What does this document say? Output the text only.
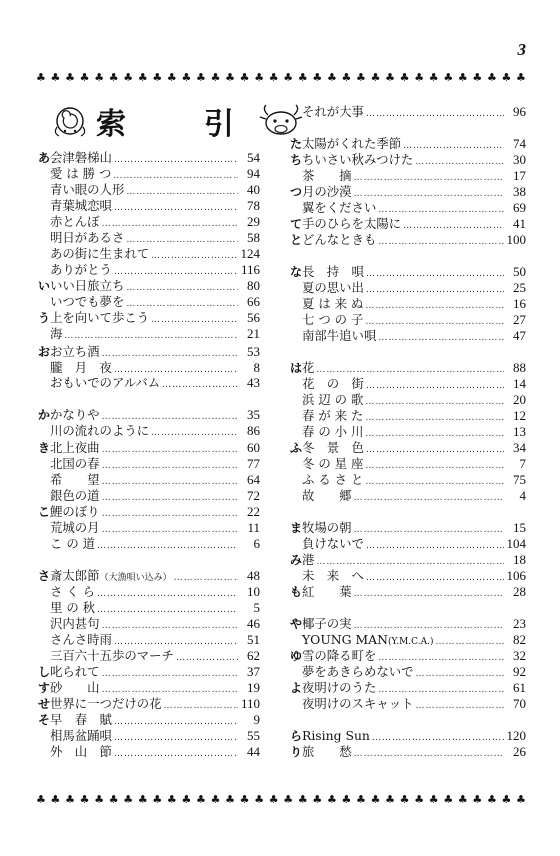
3
♣ ♣ ♣ ♣ ♣ ♣ ♣ ♣ ♣ ♣ ♣ ♣ ♣ ♣ ♣ ♣ ♣ ♣ ♣ ♣ ♣ ♣ ♣ ♣ ♣ ♣ ♣ ♣ ♣ ♣ ♣ ♣ ♣ ♣
索　引
あ 会津磐梯山 …………………………………………………………………………………………………	54
愛 は 勝 つ …………………………………………………………………………………………………	94
青い眼の人形 …………………………………………………………………………………………………	40
青葉城恋唄 …………………………………………………………………………………………………	78
赤とんぼ …………………………………………………………………………………………………	29
明日があるさ …………………………………………………………………………………………………	58
あの街に生まれて …………………………………………………………………………………………………	124
ありがとう …………………………………………………………………………………………………	116
い いい日旅立ち …………………………………………………………………………………………………	80
いつでも夢を …………………………………………………………………………………………………	66
う 上を向いて歩こう …………………………………………………………………………………………………	56
海 …………………………………………………………………………………………………	21
お お立ち酒 …………………………………………………………………………………………………	53
朧　月　夜 …………………………………………………………………………………………………	8
おもいでのアルバム …………………………………………………………………………………………………	43
か かなりや …………………………………………………………………………………………………	35
川の流れのように …………………………………………………………………………………………………	86
き 北上夜曲 …………………………………………………………………………………………………	60
北国の春 …………………………………………………………………………………………………	77
希　　望 …………………………………………………………………………………………………	64
銀色の道 …………………………………………………………………………………………………	72
こ 鯉のぼり …………………………………………………………………………………………………	22
荒城の月 …………………………………………………………………………………………………	11
こ の 道 …………………………………………………………………………………………………	6
さ 斎太郎節 （大漁唄い込み） …………………………………………………………………………………………………	48
さ く ら …………………………………………………………………………………………………	10
里 の 秋 …………………………………………………………………………………………………	5
沢内甚句 …………………………………………………………………………………………………	46
さんさ時雨 …………………………………………………………………………………………………	51
三百六十五歩のマーチ …………………………………………………………………………………………………	62
し 叱られて …………………………………………………………………………………………………	37
す 砂　　山 …………………………………………………………………………………………………	19
せ 世界に一つだけの花 …………………………………………………………………………………………………	110
そ 早　春　賦 …………………………………………………………………………………………………	9
相馬盆踊唄 …………………………………………………………………………………………………	55
外　山　節 …………………………………………………………………………………………………	44
それが大事 …………………………………………………………………………………………………	96
た 太陽がくれた季節 …………………………………………………………………………………………………	74
ち ちいさい秋みつけた …………………………………………………………………………………………………	30
茶　　摘 …………………………………………………………………………………………………	17
つ 月の沙漠 …………………………………………………………………………………………………	38
翼をください …………………………………………………………………………………………………	69
て 手のひらを太陽に …………………………………………………………………………………………………	41
と どんなときも …………………………………………………………………………………………………	100
な 長　持　唄 …………………………………………………………………………………………………	50
夏の思い出 …………………………………………………………………………………………………	25
夏 は 来 ぬ …………………………………………………………………………………………………	16
七 つ の 子 …………………………………………………………………………………………………	27
南部牛追い唄 …………………………………………………………………………………………………	47
は 花 …………………………………………………………………………………………………	88
花　の　街 …………………………………………………………………………………………………	14
浜 辺 の 歌 …………………………………………………………………………………………………	20
春 が 来 た …………………………………………………………………………………………………	12
春 の 小 川 …………………………………………………………………………………………………	13
ふ 冬　景　色 …………………………………………………………………………………………………	34
冬 の 星 座 …………………………………………………………………………………………………	7
ふ る さ と …………………………………………………………………………………………………	75
故　　郷 …………………………………………………………………………………………………	4
ま 牧場の朝 …………………………………………………………………………………………………	15
負けないで …………………………………………………………………………………………………	104
み 港 …………………………………………………………………………………………………	18
未　来　へ …………………………………………………………………………………………………	106
も 紅　　葉 …………………………………………………………………………………………………	28
や 椰子の実 …………………………………………………………………………………………………	23
YOUNG MAN (Y.M.C.A.) …………………………………………………………………………………………………	82
ゆ 雪の降る町を …………………………………………………………………………………………………	32
夢をあきらめないで …………………………………………………………………………………………………	92
よ 夜明けのうた …………………………………………………………………………………………………	61
夜明けのスキャット …………………………………………………………………………………………………	70
ら Rising Sun …………………………………………………………………………………………………	120
り 旅　　愁 …………………………………………………………………………………………………	26
♣ ♣ ♣ ♣ ♣ ♣ ♣ ♣ ♣ ♣ ♣ ♣ ♣ ♣ ♣ ♣ ♣ ♣ ♣ ♣ ♣ ♣ ♣ ♣ ♣ ♣ ♣ ♣ ♣ ♣ ♣ ♣ ♣ ♣
